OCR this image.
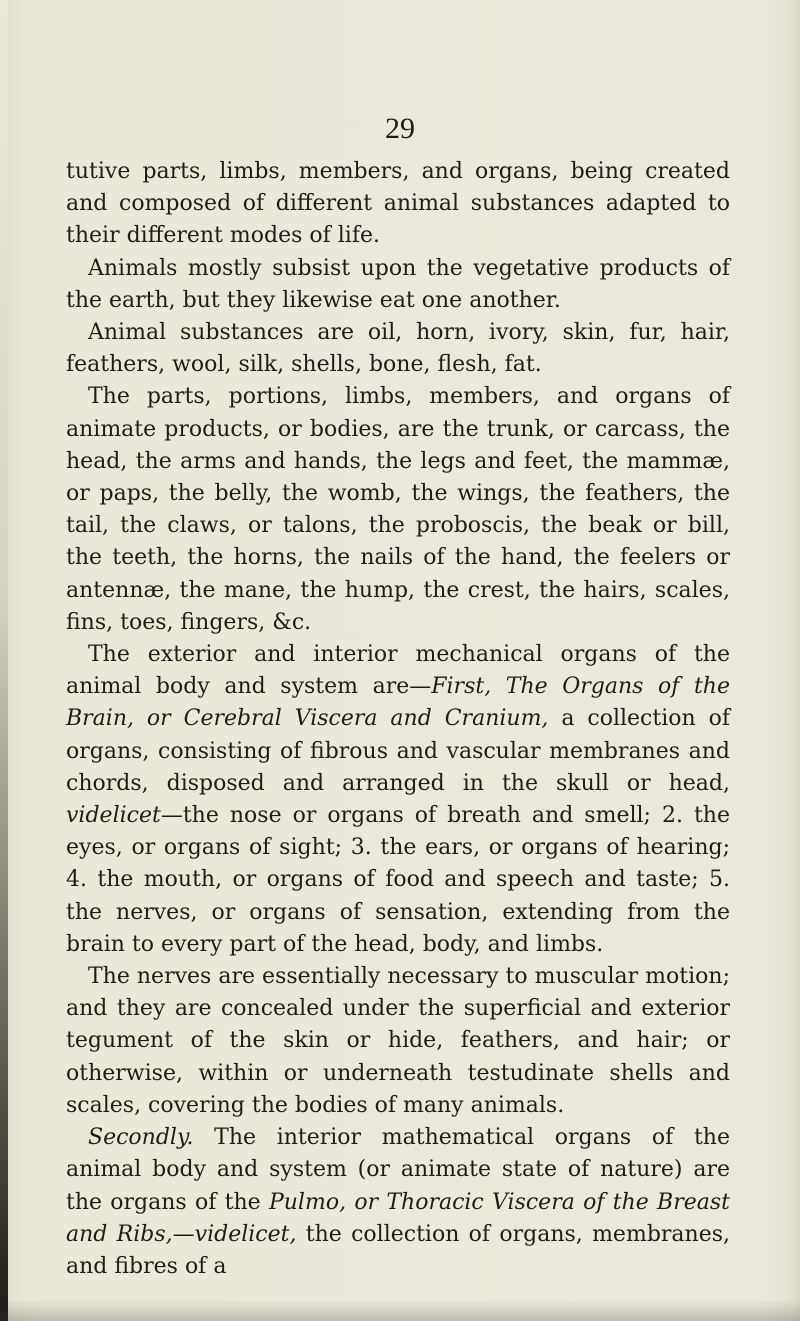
29

tutive parts, limbs, members, and organs, being created and composed of different animal substances adapted to their different modes of life.

Animals mostly subsist upon the vegetative products of the earth, but they likewise eat one another.

Animal substances are oil, horn, ivory, skin, fur, hair, feathers, wool, silk, shells, bone, flesh, fat.

The parts, portions, limbs, members, and organs of animate products, or bodies, are the trunk, or carcass, the head, the arms and hands, the legs and feet, the mammæ, or paps, the belly, the womb, the wings, the feathers, the tail, the claws, or talons, the proboscis, the beak or bill, the teeth, the horns, the nails of the hand, the feelers or antennæ, the mane, the hump, the crest, the hairs, scales, fins, toes, fingers, &c.

The exterior and interior mechanical organs of the animal body and system are—First, The Organs of the Brain, or Cerebral Viscera and Cranium, a collection of organs, consisting of fibrous and vascular membranes and chords, disposed and arranged in the skull or head, videlicet—the nose or organs of breath and smell; 2. the eyes, or organs of sight; 3. the ears, or organs of hearing; 4. the mouth, or organs of food and speech and taste; 5. the nerves, or organs of sensation, extending from the brain to every part of the head, body, and limbs.

The nerves are essentially necessary to muscular motion; and they are concealed under the superficial and exterior tegument of the skin or hide, feathers, and hair; or otherwise, within or underneath testudinate shells and scales, covering the bodies of many animals.

Secondly. The interior mathematical organs of the animal body and system (or animate state of nature) are the organs of the Pulmo, or Thoracic Viscera of the Breast and Ribs,—videlicet, the collection of organs, membranes, and fibres of a
